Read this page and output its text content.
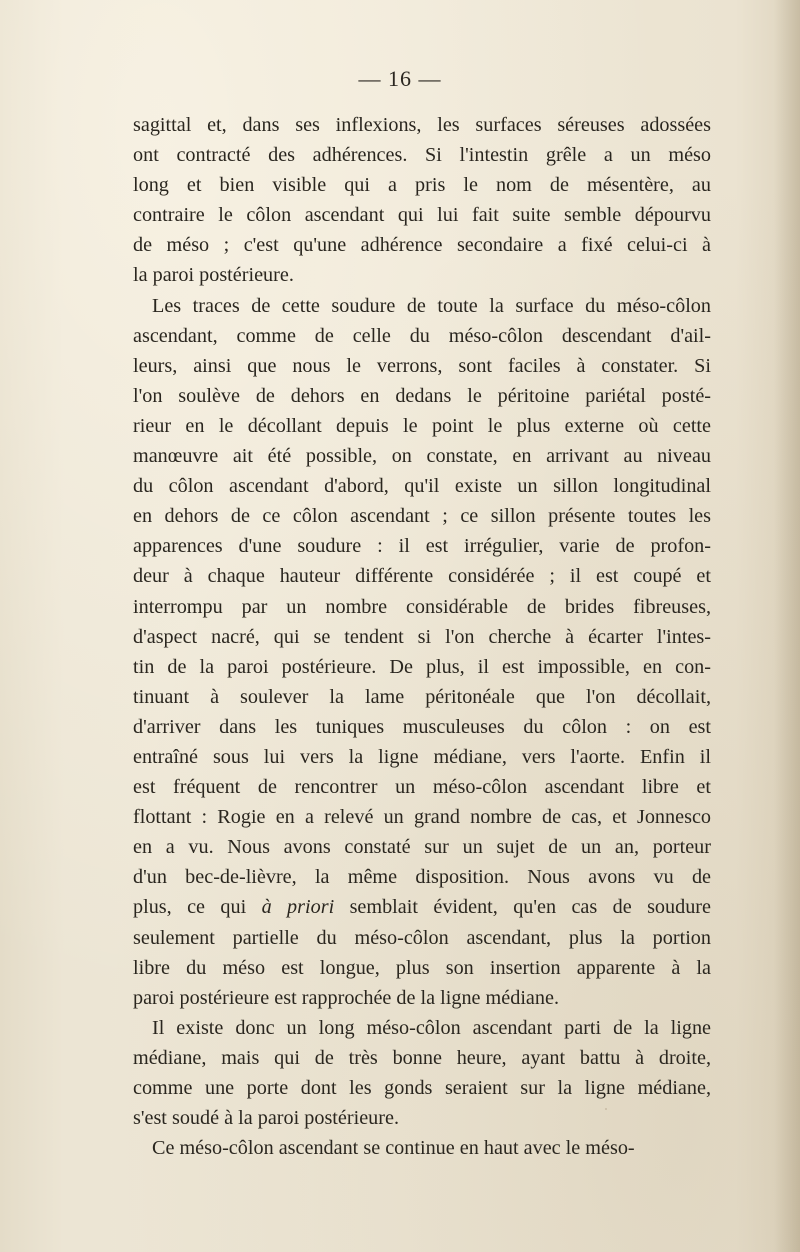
— 16 —
sagittal et, dans ses inflexions, les surfaces séreuses adossées
ont contracté des adhérences. Si l'intestin grêle a un méso
long et bien visible qui a pris le nom de mésentère, au
contraire le côlon ascendant qui lui fait suite semble dépourvu
de méso ; c'est qu'une adhérence secondaire a fixé celui-ci à
la paroi postérieure.
Les traces de cette soudure de toute la surface du méso-côlon
ascendant, comme de celle du méso-côlon descendant d'ail-
leurs, ainsi que nous le verrons, sont faciles à constater. Si
l'on soulève de dehors en dedans le péritoine pariétal posté-
rieur en le décollant depuis le point le plus externe où cette
manœuvre ait été possible, on constate, en arrivant au niveau
du côlon ascendant d'abord, qu'il existe un sillon longitudinal
en dehors de ce côlon ascendant ; ce sillon présente toutes les
apparences d'une soudure : il est irrégulier, varie de profon-
deur à chaque hauteur différente considérée ; il est coupé et
interrompu par un nombre considérable de brides fibreuses,
d'aspect nacré, qui se tendent si l'on cherche à écarter l'intes-
tin de la paroi postérieure. De plus, il est impossible, en con-
tinuant à soulever la lame péritonéale que l'on décollait,
d'arriver dans les tuniques musculeuses du côlon : on est
entraîné sous lui vers la ligne médiane, vers l'aorte. Enfin il
est fréquent de rencontrer un méso-côlon ascendant libre et
flottant : Rogie en a relevé un grand nombre de cas, et Jonnesco
en a vu. Nous avons constaté sur un sujet de un an, porteur
d'un bec-de-lièvre, la même disposition. Nous avons vu de
plus, ce qui à priori semblait évident, qu'en cas de soudure
seulement partielle du méso-côlon ascendant, plus la portion
libre du méso est longue, plus son insertion apparente à la
paroi postérieure est rapprochée de la ligne médiane.
Il existe donc un long méso-côlon ascendant parti de la ligne
médiane, mais qui de très bonne heure, ayant battu à droite,
comme une porte dont les gonds seraient sur la ligne médiane,
s'est soudé à la paroi postérieure.
Ce méso-côlon ascendant se continue en haut avec le méso-
